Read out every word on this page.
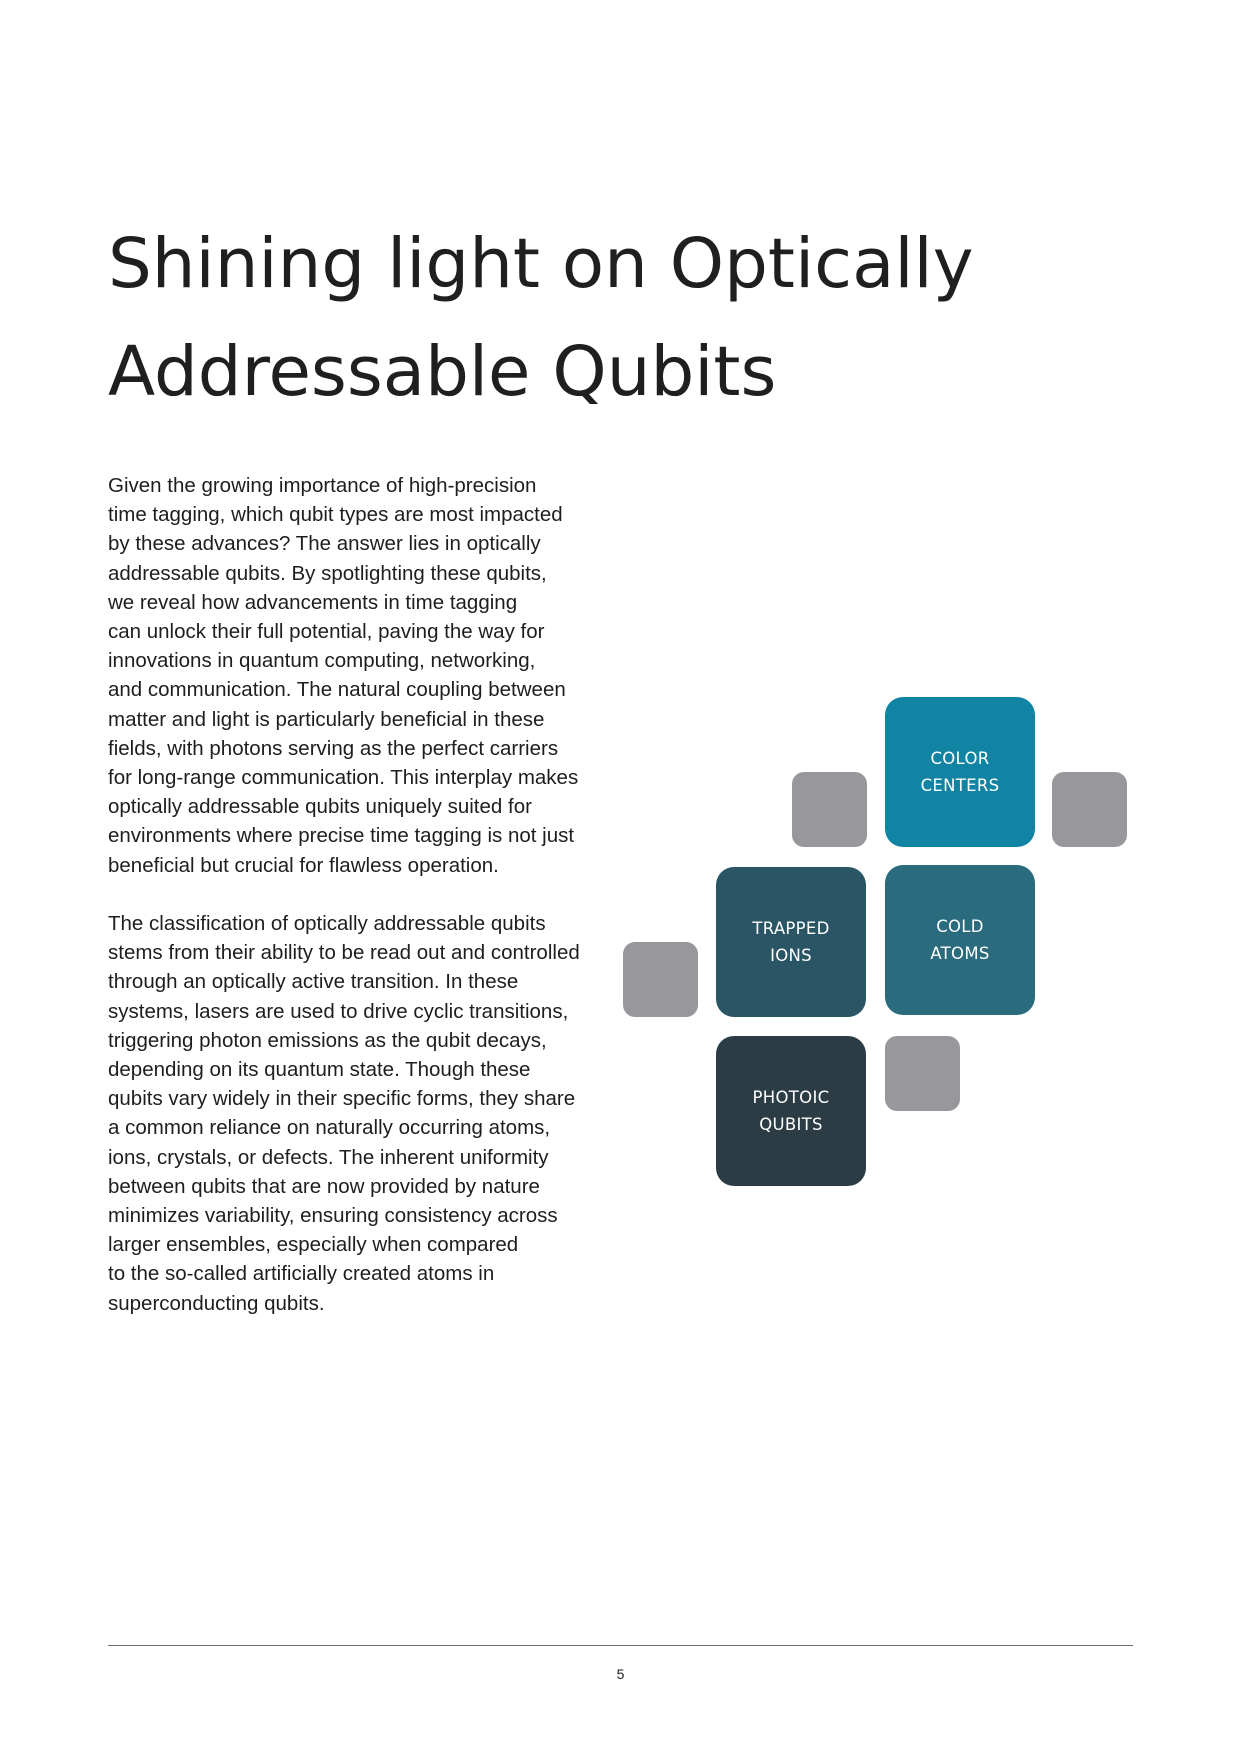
Shining light on Optically
Addressable Qubits
Given the growing importance of high-precision
time tagging, which qubit types are most impacted
by these advances? The answer lies in optically
addressable qubits. By spotlighting these qubits,
we reveal how advancements in time tagging
can unlock their full potential, paving the way for
innovations in quantum computing, networking,
and communication. The natural coupling between
matter and light is particularly beneficial in these
fields, with photons serving as the perfect carriers
for long-range communication. This interplay makes
optically addressable qubits uniquely suited for
environments where precise time tagging is not just
beneficial but crucial for flawless operation.
The classification of optically addressable qubits
stems from their ability to be read out and controlled
through an optically active transition. In these
systems, lasers are used to drive cyclic transitions,
triggering photon emissions as the qubit decays,
depending on its quantum state. Though these
qubits vary widely in their specific forms, they share
a common reliance on naturally occurring atoms,
ions, crystals, or defects. The inherent uniformity
between qubits that are now provided by nature
minimizes variability, ensuring consistency across
larger ensembles, especially when compared
to the so-called artificially created atoms in
superconducting qubits.
COLOR
CENTERS
TRAPPED
IONS
COLD
ATOMS
PHOTOIC
QUBITS
5
